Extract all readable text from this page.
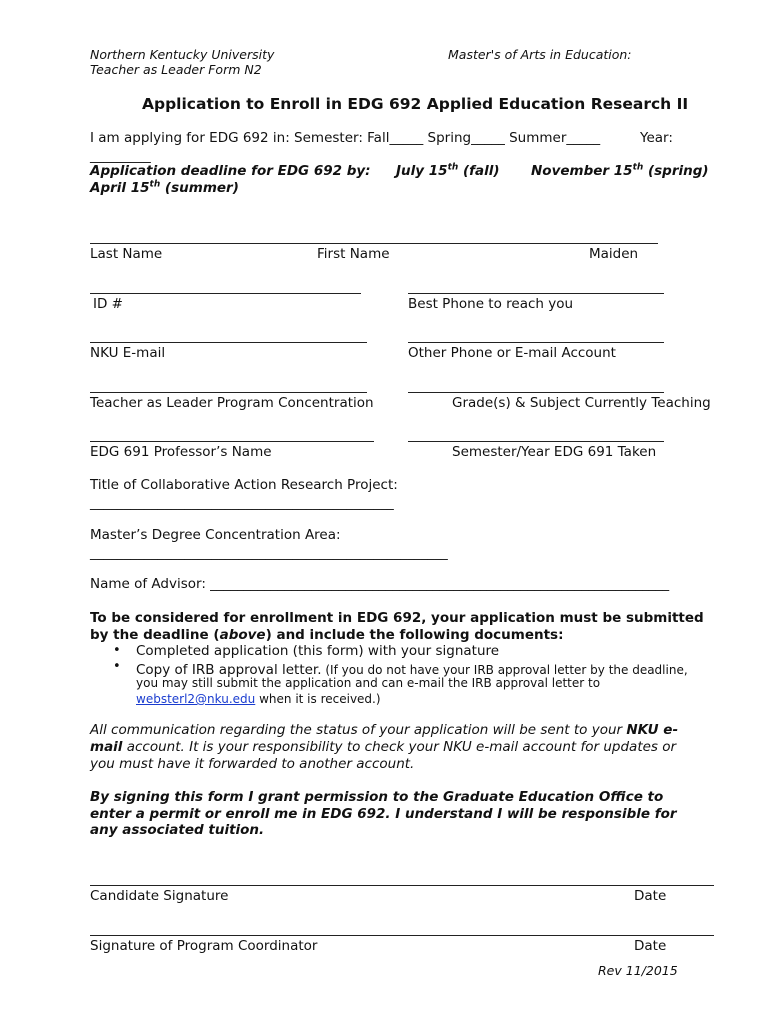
Northern Kentucky University
Teacher as Leader Form N2
Master's of Arts in Education:
Application to Enroll in EDG 692 Applied Education Research II
I am applying for EDG 692 in: Semester: Fall_____ Spring_____ Summer_____	Year:
_________
Application deadline for EDG 692 by: July 15th (fall) November 15th (spring)
April 15th (summer)
Last Name	First Name	Maiden
ID #	Best Phone to reach you
NKU E-mail	Other Phone or E-mail Account
Teacher as Leader Program Concentration	Grade(s) & Subject Currently Teaching
EDG 691 Professor’s Name	Semester/Year EDG 691 Taken
Title of Collaborative Action Research Project:
_____________________________________________
Master’s Degree Concentration Area:
_____________________________________________________
Name of Advisor: ____________________________________________________________________
To be considered for enrollment in EDG 692, your application must be submitted
by the deadline (above) and include the following documents:
• Completed application (this form) with your signature
• Copy of IRB approval letter. (If you do not have your IRB approval letter by the deadline,
you may still submit the application and can e-mail the IRB approval letter to
websterl2@nku.edu when it is received.)
All communication regarding the status of your application will be sent to your NKU e-
mail account. It is your responsibility to check your NKU e-mail account for updates or
you must have it forwarded to another account.
By signing this form I grant permission to the Graduate Education Office to
enter a permit or enroll me in EDG 692. I understand I will be responsible for
any associated tuition.
Candidate Signature	Date
Signature of Program Coordinator	Date
Rev 11/2015
